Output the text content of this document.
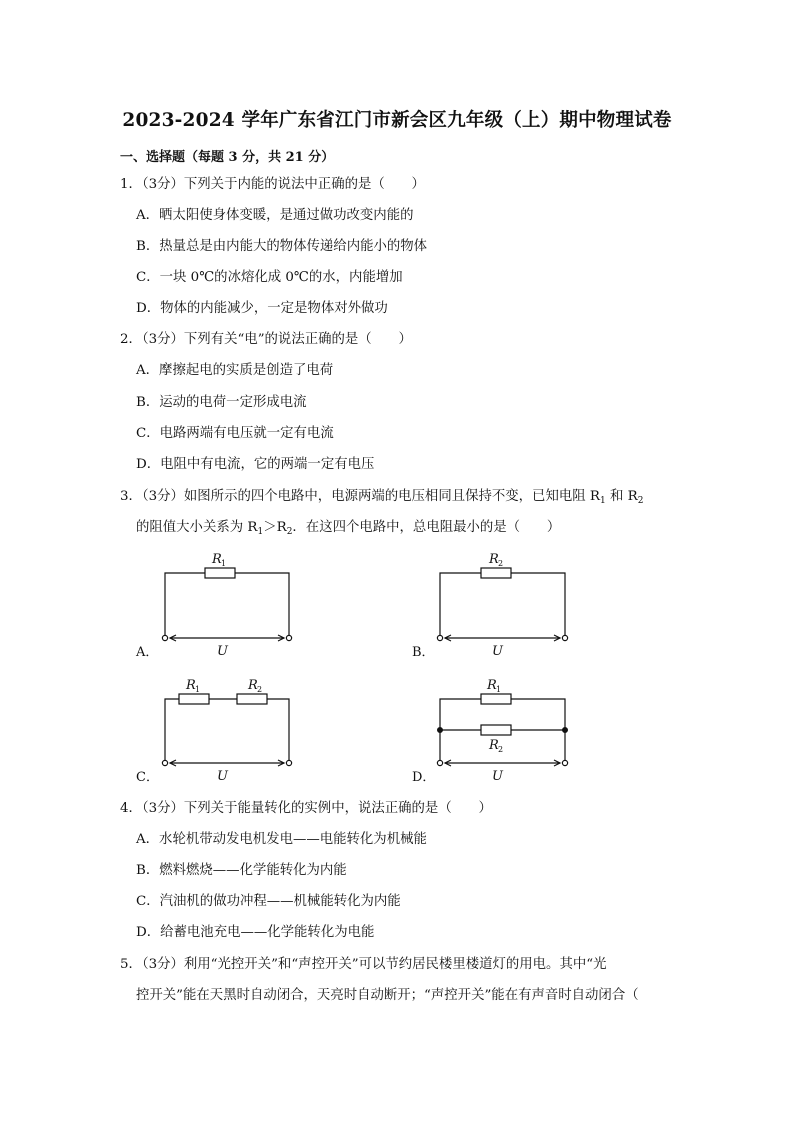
2023-2024 学年广东省江门市新会区九年级（上）期中物理试卷
一、选择题（每题 3 分，共 21 分）
1．（3分）下列关于内能的说法中正确的是（　　）
A．晒太阳使身体变暖，是通过做功改变内能的
B．热量总是由内能大的物体传递给内能小的物体
C．一块 0℃的冰熔化成 0℃的水，内能增加
D．物体的内能减少，一定是物体对外做功
2．（3分）下列有关“电”的说法正确的是（　　）
A．摩擦起电的实质是创造了电荷
B．运动的电荷一定形成电流
C．电路两端有电压就一定有电流
D．电阻中有电流，它的两端一定有电压
3．（3分）如图所示的四个电路中，电源两端的电压相同且保持不变，已知电阻 $R_1$ 和 $R_2$
的阻值大小关系为 $R_1>R_2$．在这四个电路中，总电阻最小的是（　　）
R 1
U
R 2
U
R 1	R 2
U
R 1
R 2
U
A．	B．
C．	D．
4．（3分）下列关于能量转化的实例中，说法正确的是（　　）
A．水轮机带动发电机发电——电能转化为机械能
B．燃料燃烧——化学能转化为内能
C．汽油机的做功冲程——机械能转化为内能
D．给蓄电池充电——化学能转化为电能
5．（3分）利用“光控开关”和“声控开关”可以节约居民楼里楼道灯的用电。其中“光
控开关”能在天黑时自动闭合，天亮时自动断开；“声控开关”能在有声音时自动闭合（
